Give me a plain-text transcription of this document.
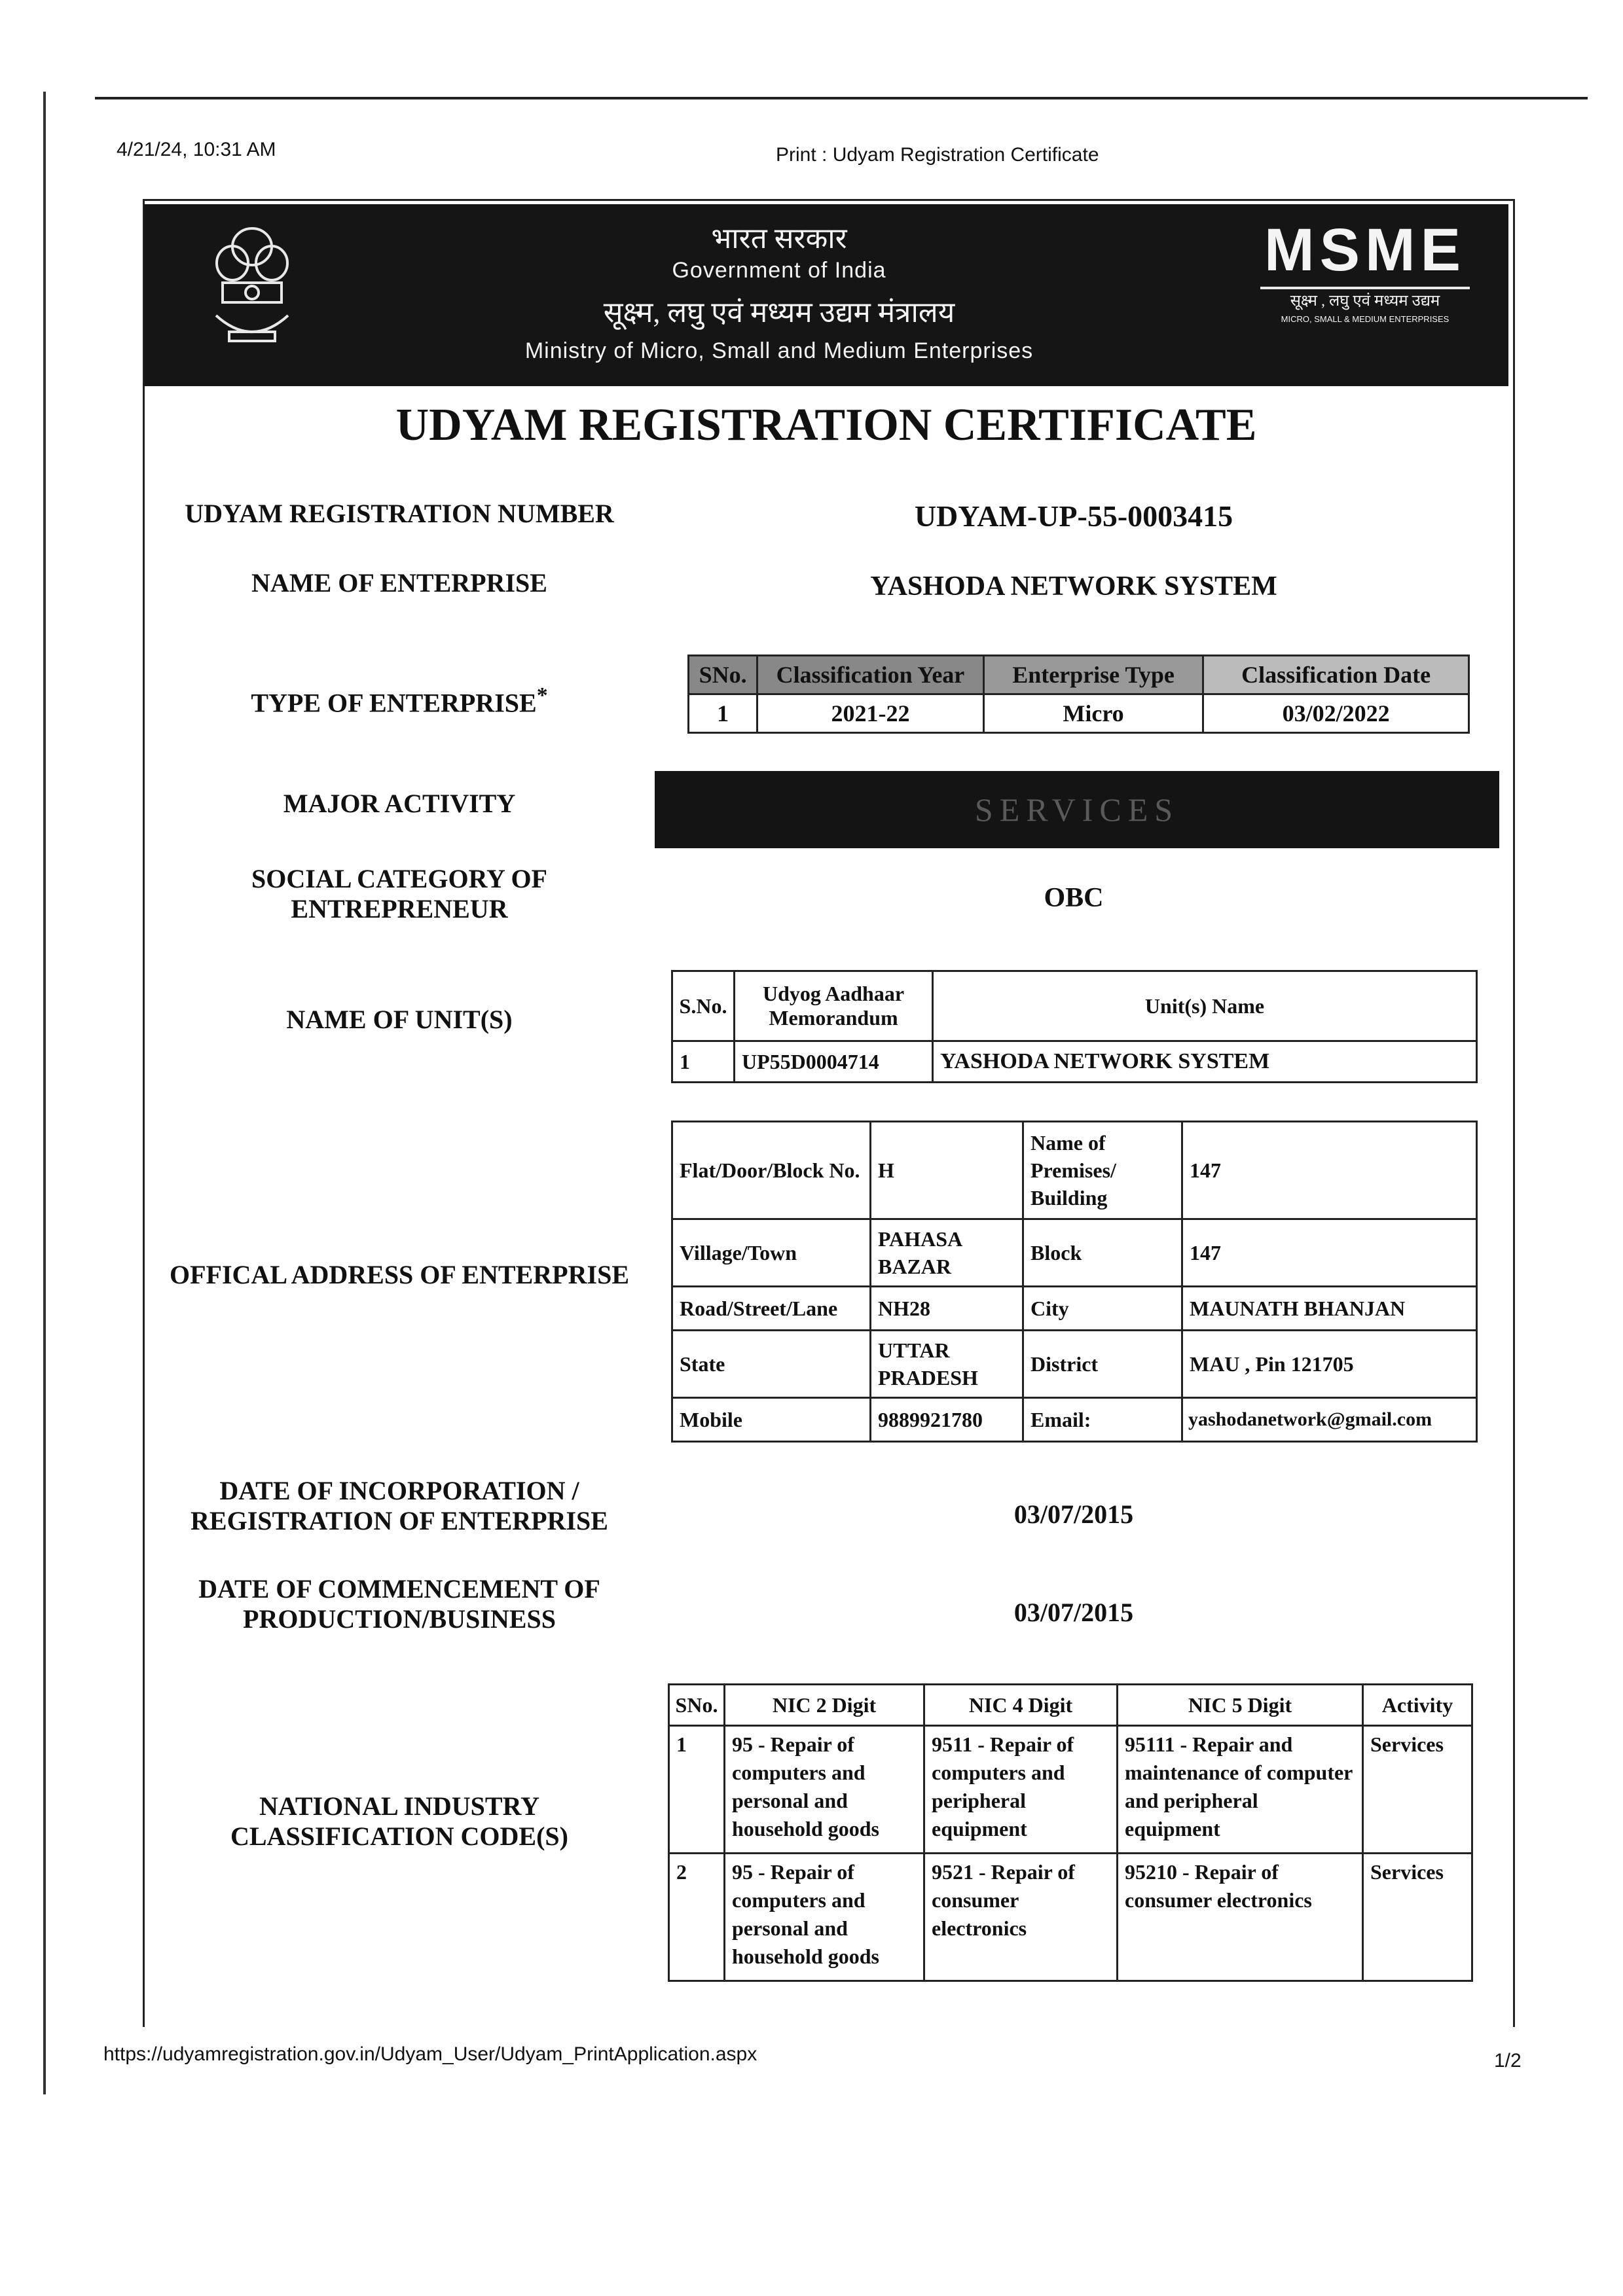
4/21/24, 10:31 AM	Print : Udyam Registration Certificate
भारत सरकार
Government of India
सूक्ष्म, लघु एवं मध्यम उद्यम मंत्रालय
Ministry of Micro, Small and Medium Enterprises
MSME
सूक्ष्म , लघु एवं मध्यम उद्यम
MICRO, SMALL & MEDIUM ENTERPRISES
UDYAM REGISTRATION CERTIFICATE
UDYAM REGISTRATION NUMBER	UDYAM-UP-55-0003415
NAME OF ENTERPRISE	YASHODA NETWORK SYSTEM
TYPE OF ENTERPRISE*
SNo.	Classification Year	Enterprise Type	Classification Date
1	2021-22	Micro	03/02/2022
MAJOR ACTIVITY	SERVICES
SOCIAL CATEGORY OF
ENTREPRENEUR	OBC
NAME OF UNIT(S)	S.No.	Udyog Aadhaar Memorandum	Unit(s) Name
1	UP55D0004714	YASHODA NETWORK SYSTEM
OFFICAL ADDRESS OF ENTERPRISE
Flat/Door/Block No.	H	Name of Premises/ Building	147
Village/Town	PAHASA BAZAR	Block	147
Road/Street/Lane	NH28	City	MAUNATH BHANJAN
State	UTTAR PRADESH	District	MAU , Pin 121705
Mobile	9889921780	Email:	yashodanetwork@gmail.com
DATE OF INCORPORATION /
REGISTRATION OF ENTERPRISE	03/07/2015
DATE OF COMMENCEMENT OF
PRODUCTION/BUSINESS	03/07/2015
NATIONAL INDUSTRY
CLASSIFICATION CODE(S)
SNo.	NIC 2 Digit	NIC 4 Digit	NIC 5 Digit	Activity
1	95 - Repair of computers and personal and household goods	9511 - Repair of computers and peripheral equipment	95111 - Repair and maintenance of computer and peripheral equipment	Services
2	95 - Repair of computers and personal and household goods	9521 - Repair of consumer electronics	95210 - Repair of consumer electronics	Services
https://udyamregistration.gov.in/Udyam_User/Udyam_PrintApplication.aspx	1/2
